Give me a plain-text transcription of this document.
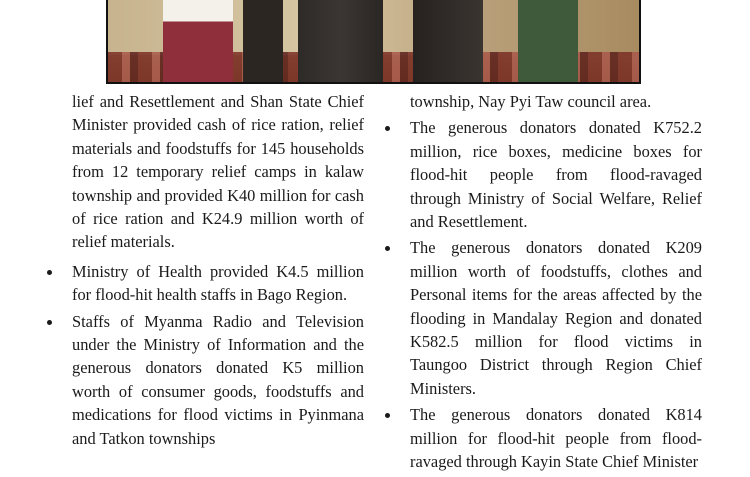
lief and Resettlement and Shan State Chief Minister provided cash of rice ration, relief materials and foodstuffs for 145 households from 12 temporary relief camps in kalaw township and provided K40 million for cash of rice ration and K24.9 million worth of relief materials.

Ministry of Health provided K4.5 million for flood-hit health staffs in Bago Region.
Staffs of Myanma Radio and Television under the Ministry of Information and the generous donators donated K5 million worth of consumer goods, foodstuffs and medications for flood victims in Pyinmana and Tatkon townships

township, Nay Pyi Taw council area.

The generous donators donated K752.2 million, rice boxes, medicine boxes for flood-hit people from flood-ravaged through Ministry of Social Welfare, Relief and Resettlement.
The generous donators donated K209 million worth of foodstuffs, clothes and Personal items for the areas affected by the flooding in Mandalay Region and donated K582.5 million for flood victims in Taungoo District through Region Chief Ministers.
The generous donators donated K814 million for flood-hit people from flood-ravaged through Kayin State Chief Minister
